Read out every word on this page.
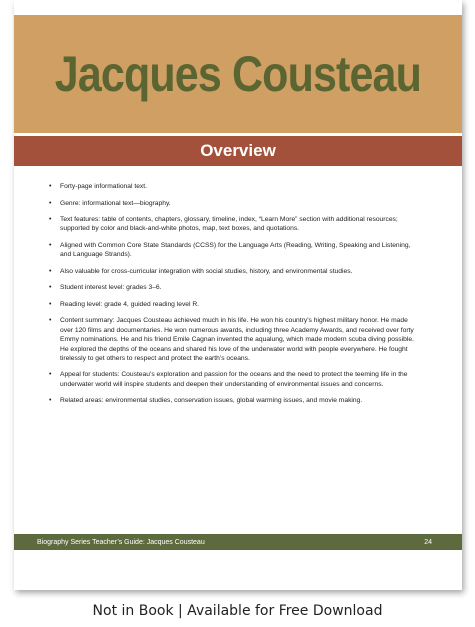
Jacques Cousteau
Overview
• Forty-page informational text.
• Genre: informational text—biography.
• Text features: table of contents, chapters, glossary, timeline, index, “Learn More” section with additional resources; supported by color and black-and-white photos, map, text boxes, and quotations.
• Aligned with Common Core State Standards (CCSS) for the Language Arts (Reading, Writing, Speaking and Listening, and Language Strands).
• Also valuable for cross-curricular integration with social studies, history, and environmental studies.
• Student interest level: grades 3–6.
• Reading level: grade 4, guided reading level R.
• Content summary: Jacques Cousteau achieved much in his life. He won his country’s highest military honor. He made over 120 films and documentaries. He won numerous awards, including three Academy Awards, and received over forty Emmy nominations. He and his friend Emile Cagnan invented the aqualung, which made modern scuba diving possible. He explored the depths of the oceans and shared his love of the underwater world with people everywhere. He fought tirelessly to get others to respect and protect the earth’s oceans.
• Appeal for students: Cousteau’s exploration and passion for the oceans and the need to protect the teeming life in the underwater world will inspire students and deepen their understanding of environmental issues and concerns.
• Related areas: environmental studies, conservation issues, global warming issues, and movie making.
Biography Series Teacher’s Guide: Jacques Cousteau	24
Not in Book | Available for Free Download
